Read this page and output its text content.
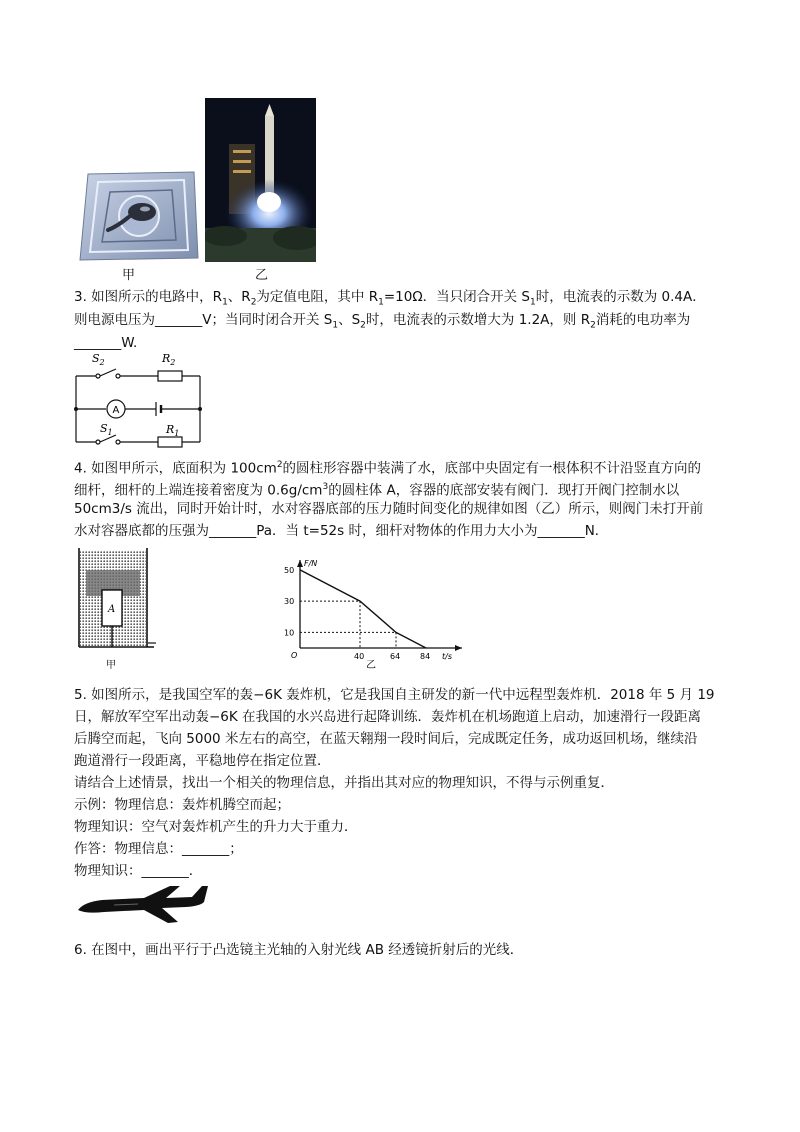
甲	乙
3. 如图所示的电路中，$R_1$、$R_2$为定值电阻，其中 $R_1=10\Omega$．当只闭合开关 $S_1$时，电流表的示数为 0.4A．
则电源电压为_______V；当同时闭合开关 $S_1$、$S_2$时，电流表的示数增大为 1.2A，则 $R_2$消耗的电功率为
_______W.
$S_2$	$R_2$
A
$S_1$	$R_1$
4. 如图甲所示，底面积为 $100cm^2$的圆柱形容器中装满了水，底部中央固定有一根体积不计沿竖直方向的
细杆，细杆的上端连接着密度为 $0.6g/cm^3$的圆柱体 A，容器的底部安装有阀门．现打开阀门控制水以
50cm3/s 流出，同时开始计时，水对容器底部的压力随时间变化的规律如图（乙）所示，则阀门未打开前
水对容器底都的压强为_______Pa．当 t=52s 时，细杆对物体的作用力大小为_______N．
A
甲
50
30
10
40	64 84
F/N
t/s
O
乙
5. 如图所示，是我国空军的轰−6K 轰炸机，它是我国自主研发的新一代中远程型轰炸机．2018 年 5 月 19
日，解放军空军出动轰−6K 在我国的水兴岛进行起降训练．轰炸机在机场跑道上启动，加速滑行一段距离
后腾空而起，飞向 5000 米左右的高空，在蓝天翱翔一段时间后，完成既定任务，成功返回机场，继续沿
跑道滑行一段距离，平稳地停在指定位置．
请结合上述情景，找出一个相关的物理信息，并指出其对应的物理知识，不得与示例重复．
示例：物理信息：轰炸机腾空而起；
物理知识：空气对轰炸机产生的升力大于重力．
作答：物理信息：_______；
物理知识：_______．
6. 在图中，画出平行于凸选镜主光轴的入射光线 AB 经透镜折射后的光线．
